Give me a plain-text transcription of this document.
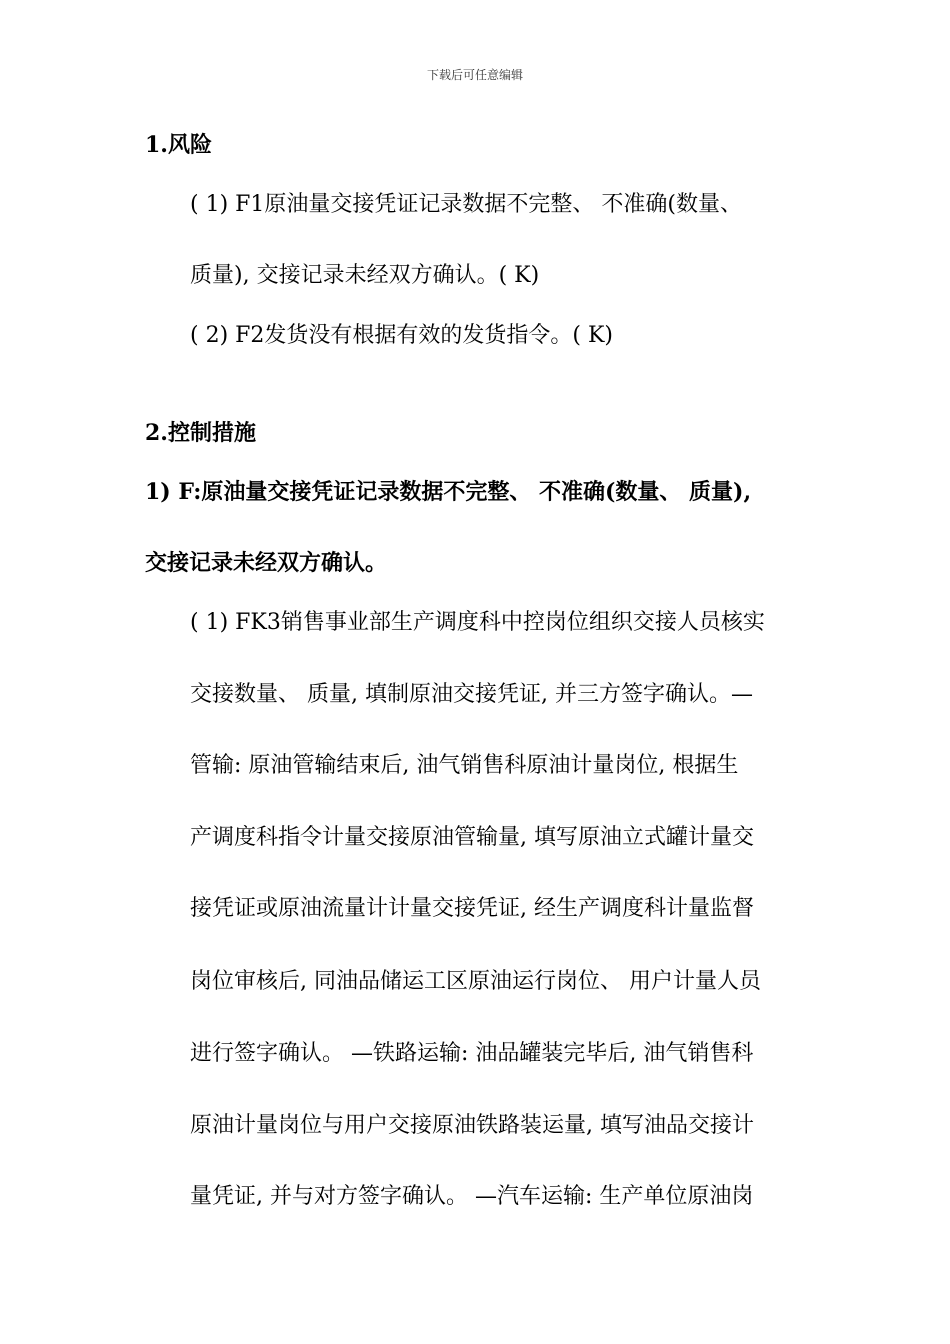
下载后可任意编辑
1.风险
( 1) F1原油量交接凭证记录数据不完整、 不准确(数量、
质量), 交接记录未经双方确认。( K)
( 2) F2发货没有根据有效的发货指令。( K)
2.控制措施
1) F:原油量交接凭证记录数据不完整、 不准确(数量、 质量),
交接记录未经双方确认。
( 1) FK3销售事业部生产调度科中控岗位组织交接人员核实
交接数量、 质量, 填制原油交接凭证, 并三方签字确认。—
管输: 原油管输结束后, 油气销售科原油计量岗位, 根据生
产调度科指令计量交接原油管输量, 填写原油立式罐计量交
接凭证或原油流量计计量交接凭证, 经生产调度科计量监督
岗位审核后, 同油品储运工区原油运行岗位、 用户计量人员
进行签字确认。 —铁路运输: 油品罐装完毕后, 油气销售科
原油计量岗位与用户交接原油铁路装运量, 填写油品交接计
量凭证, 并与对方签字确认。 —汽车运输: 生产单位原油岗
